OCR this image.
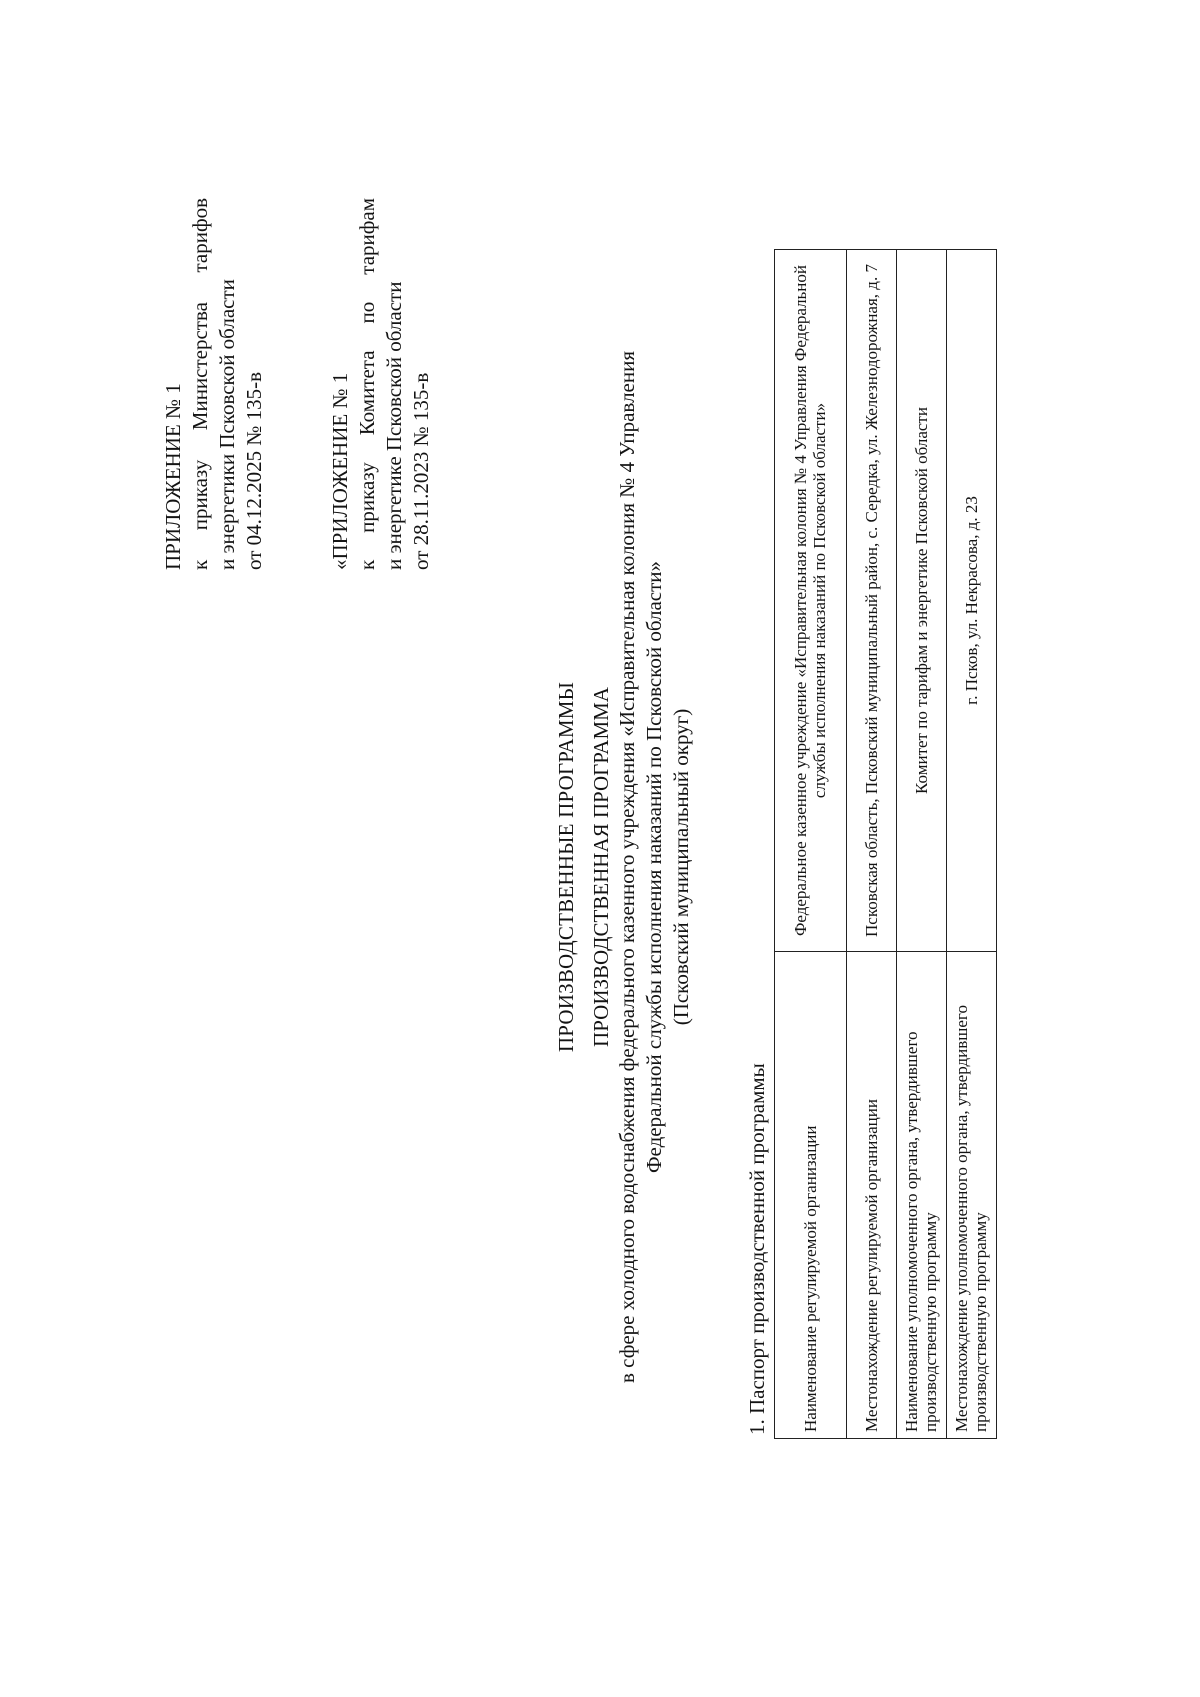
ПРИЛОЖЕНИЕ № 1 к
приказу
Министерства
тарифов
и энергетики Псковской области от 04.12.2025 № 135-в	«ПРИЛОЖЕНИЕ № 1 к
приказу
Комитета
по
тарифам
и энергетике Псковской области от 28.11.2023 № 135-в
ПРОИЗВОДСТВЕННЫЕ ПРОГРАММЫ ПРОИЗВОДСТВЕННАЯ ПРОГРАММА в сфере холодного водоснабжения федерального казенного учреждения «Исправительная колония № 4 Управления Федеральной службы исполнения наказаний по Псковской области» (Псковский муниципальный округ)
1. Паспорт производственной программы Наименование регулируемой организации	Федеральное казенное учреждение «Исправительная колония № 4 Управления Федеральной службы исполнения наказаний по Псковской области»
Местонахождение регулируемой организации	Псковская область, Псковский муниципальный район, с. Середка, ул. Железнодорожная, д. 7
Наименование уполномоченного органа, утвердившего производственную программу	Комитет по тарифам и энергетике Псковской области
Местонахождение уполномоченного органа, утвердившего производственную программу	г. Псков, ул. Некрасова, д. 23
